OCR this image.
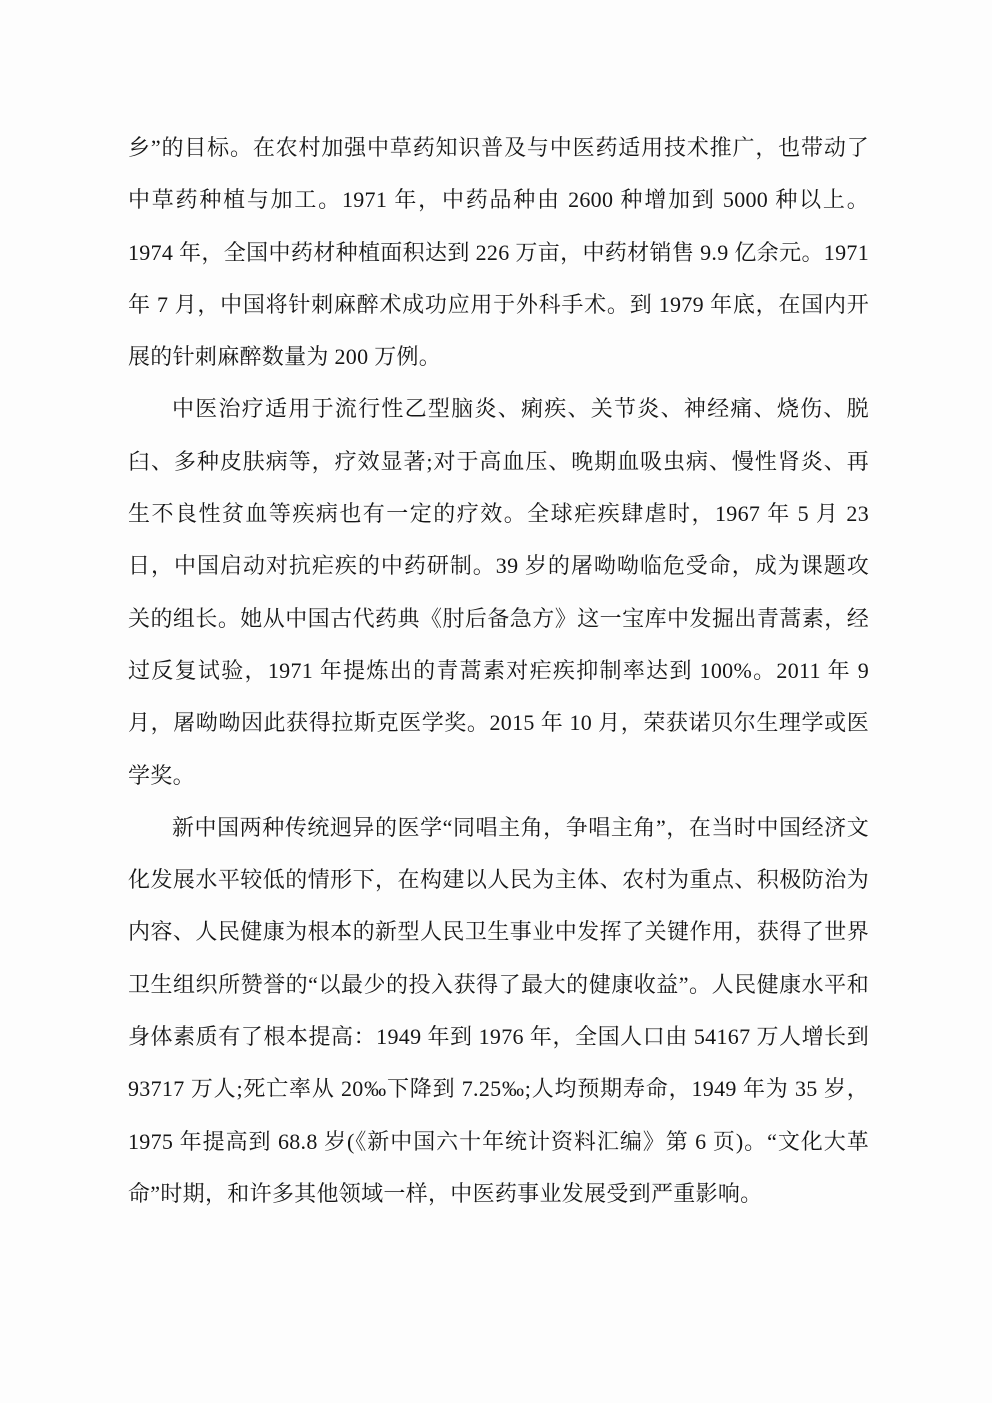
乡”的目标。在农村加强中草药知识普及与中医药适用技术推广，也带动了中草药种植与加工。1971 年，中药品种由 2600 种增加到 5000 种以上。1974 年，全国中药材种植面积达到 226 万亩，中药材销售 9.9 亿余元。1971 年 7 月，中国将针刺麻醉术成功应用于外科手术。到 1979 年底，在国内开展的针刺麻醉数量为 200 万例。

中医治疗适用于流行性乙型脑炎、痢疾、关节炎、神经痛、烧伤、脱臼、多种皮肤病等，疗效显著;对于高血压、晚期血吸虫病、慢性肾炎、再生不良性贫血等疾病也有一定的疗效。全球疟疾肆虐时，1967 年 5 月 23 日，中国启动对抗疟疾的中药研制。39 岁的屠呦呦临危受命，成为课题攻关的组长。她从中国古代药典《肘后备急方》这一宝库中发掘出青蒿素，经过反复试验，1971 年提炼出的青蒿素对疟疾抑制率达到 100%。2011 年 9 月，屠呦呦因此获得拉斯克医学奖。2015 年 10 月，荣获诺贝尔生理学或医学奖。

新中国两种传统迥异的医学“同唱主角，争唱主角”，在当时中国经济文化发展水平较低的情形下，在构建以人民为主体、农村为重点、积极防治为内容、人民健康为根本的新型人民卫生事业中发挥了关键作用，获得了世界卫生组织所赞誉的“以最少的投入获得了最大的健康收益”。人民健康水平和身体素质有了根本提高：1949 年到 1976 年，全国人口由 54167 万人增长到 93717 万人;死亡率从 20‰下降到 7.25‰;人均预期寿命，1949 年为 35 岁，1975 年提高到 68.8 岁(《新中国六十年统计资料汇编》第 6 页)。“文化大革命”时期，和许多其他领域一样，中医药事业发展受到严重影响。
